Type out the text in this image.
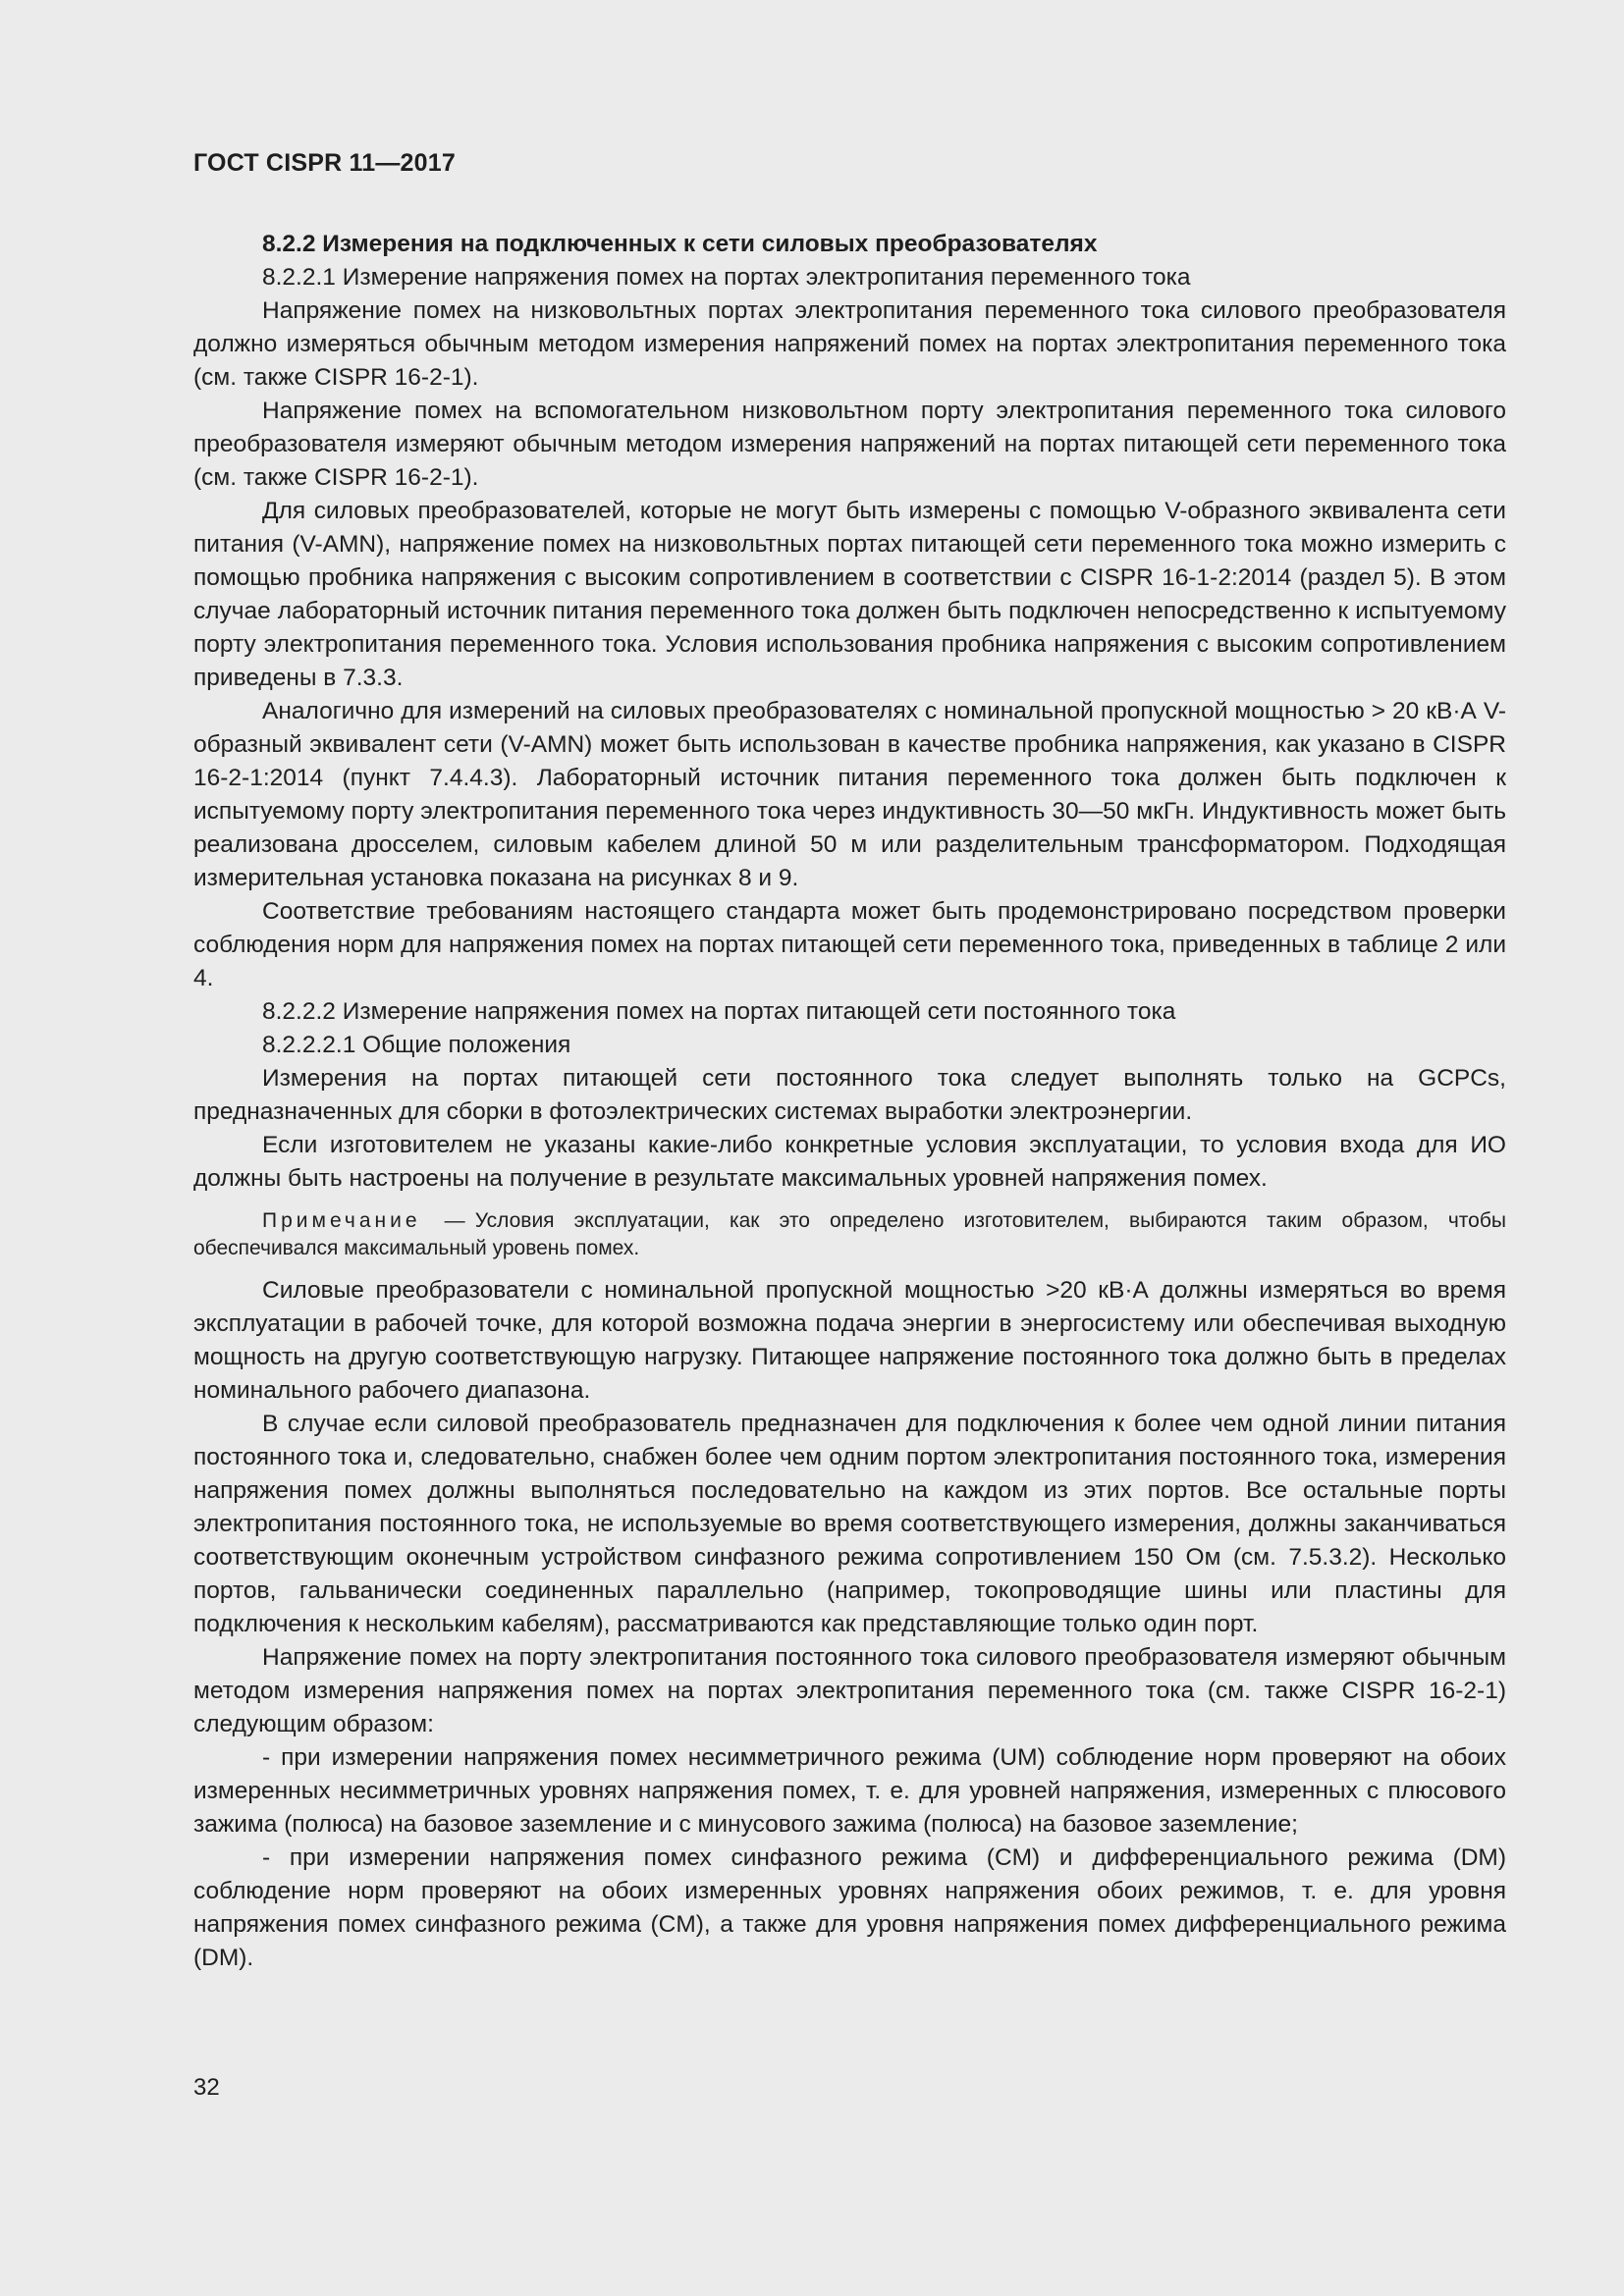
ГОСТ CISPR 11—2017

8.2.2 Измерения на подключенных к сети силовых преобразователях

8.2.2.1 Измерение напряжения помех на портах электропитания переменного тока

Напряжение помех на низковольтных портах электропитания переменного тока силового преобразователя должно измеряться обычным методом измерения напряжений помех на портах электропитания переменного тока (см. также CISPR 16-2-1).

Напряжение помех на вспомогательном низковольтном порту электропитания переменного тока силового преобразователя измеряют обычным методом измерения напряжений на портах питающей сети переменного тока (см. также CISPR 16-2-1).

Для силовых преобразователей, которые не могут быть измерены с помощью V-образного эквивалента сети питания (V-AMN), напряжение помех на низковольтных портах питающей сети переменного тока можно измерить с помощью пробника напряжения с высоким сопротивлением в соответствии с CISPR 16-1-2:2014 (раздел 5). В этом случае лабораторный источник питания переменного тока должен быть подключен непосредственно к испытуемому порту электропитания переменного тока. Условия использования пробника напряжения с высоким сопротивлением приведены в 7.3.3.

Аналогично для измерений на силовых преобразователях с номинальной пропускной мощностью > 20 кВ·А V-образный эквивалент сети (V-AMN) может быть использован в качестве пробника напряжения, как указано в CISPR 16-2-1:2014 (пункт 7.4.4.3). Лабораторный источник питания переменного тока должен быть подключен к испытуемому порту электропитания переменного тока через индуктивность 30—50 мкГн. Индуктивность может быть реализована дросселем, силовым кабелем длиной 50 м или разделительным трансформатором. Подходящая измерительная установка показана на рисунках 8 и 9.

Соответствие требованиям настоящего стандарта может быть продемонстрировано посредством проверки соблюдения норм для напряжения помех на портах питающей сети переменного тока, приведенных в таблице 2 или 4.

8.2.2.2 Измерение напряжения помех на портах питающей сети постоянного тока

8.2.2.2.1 Общие положения

Измерения на портах питающей сети постоянного тока следует выполнять только на GCPCs, предназначенных для сборки в фотоэлектрических системах выработки электроэнергии.

Если изготовителем не указаны какие-либо конкретные условия эксплуатации, то условия входа для ИО должны быть настроены на получение в результате максимальных уровней напряжения помех.

Примечание — Условия эксплуатации, как это определено изготовителем, выбираются таким образом, чтобы обеспечивался максимальный уровень помех.

Силовые преобразователи с номинальной пропускной мощностью >20 кВ·А должны измеряться во время эксплуатации в рабочей точке, для которой возможна подача энергии в энергосистему или обеспечивая выходную мощность на другую соответствующую нагрузку. Питающее напряжение постоянного тока должно быть в пределах номинального рабочего диапазона.

В случае если силовой преобразователь предназначен для подключения к более чем одной линии питания постоянного тока и, следовательно, снабжен более чем одним портом электропитания постоянного тока, измерения напряжения помех должны выполняться последовательно на каждом из этих портов. Все остальные порты электропитания постоянного тока, не используемые во время соответствующего измерения, должны заканчиваться соответствующим оконечным устройством синфазного режима сопротивлением 150 Ом (см. 7.5.3.2). Несколько портов, гальванически соединенных параллельно (например, токопроводящие шины или пластины для подключения к нескольким кабелям), рассматриваются как представляющие только один порт.

Напряжение помех на порту электропитания постоянного тока силового преобразователя измеряют обычным методом измерения напряжения помех на портах электропитания переменного тока (см. также CISPR 16-2-1) следующим образом:

- при измерении напряжения помех несимметричного режима (UM) соблюдение норм проверяют на обоих измеренных несимметричных уровнях напряжения помех, т. е. для уровней напряжения, измеренных с плюсового зажима (полюса) на базовое заземление и с минусового зажима (полюса) на базовое заземление;

- при измерении напряжения помех синфазного режима (CM) и дифференциального режима (DM) соблюдение норм проверяют на обоих измеренных уровнях напряжения обоих режимов, т. е. для уровня напряжения помех синфазного режима (CM), а также для уровня напряжения помех дифференциального режима (DM).

32
